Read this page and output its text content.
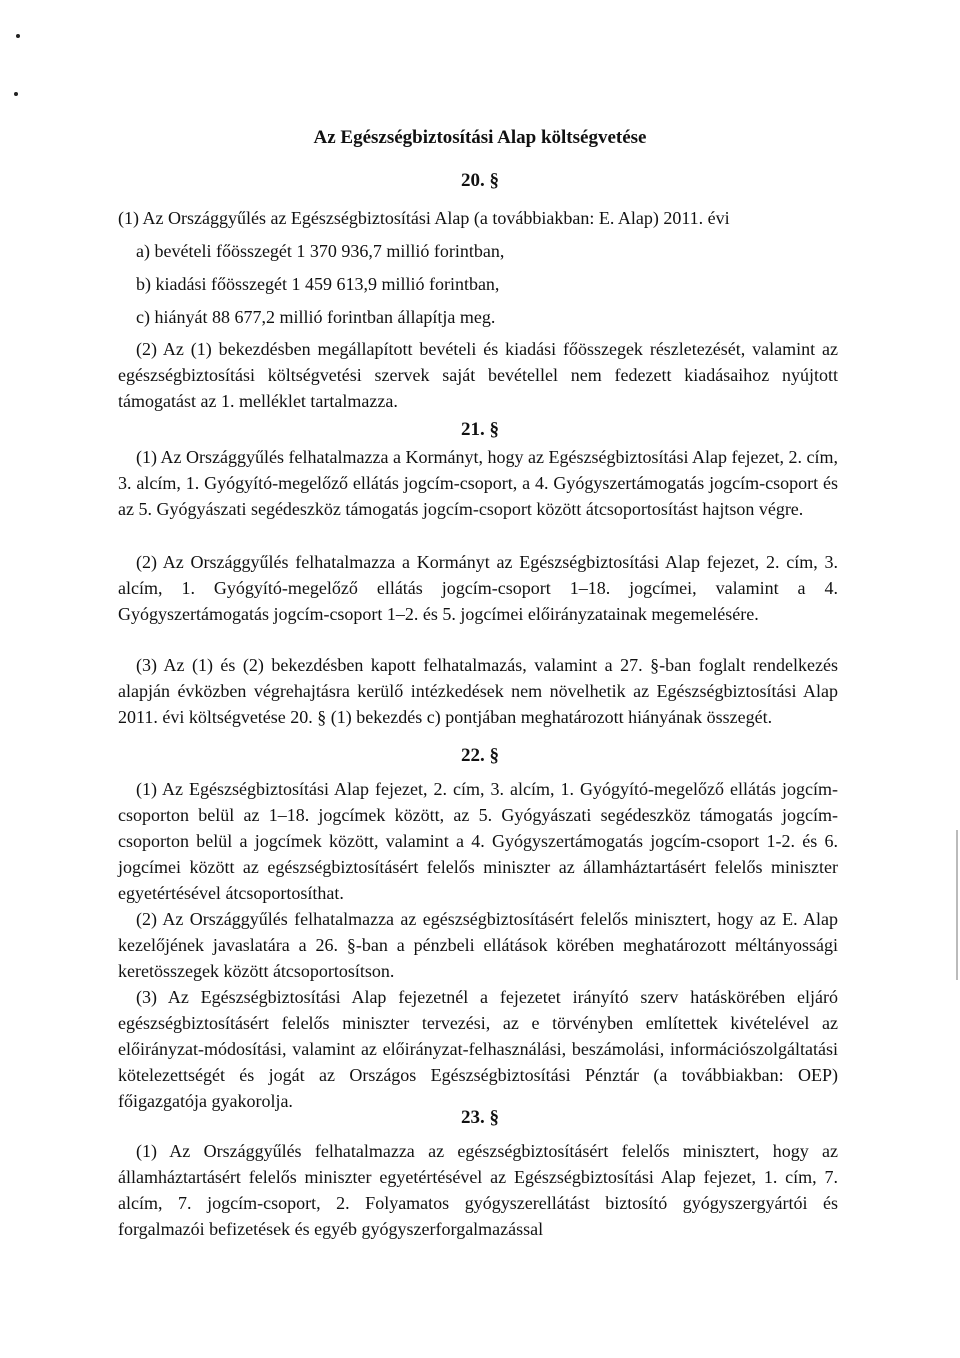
Az Egészségbiztosítási Alap költségvetése
20. §
(1) Az Országgyűlés az Egészségbiztosítási Alap (a továbbiakban: E. Alap) 2011. évi
a) bevételi főösszegét 1 370 936,7 millió forintban,
b) kiadási főösszegét 1 459 613,9 millió forintban,
c) hiányát 88 677,2 millió forintban állapítja meg.
(2) Az (1) bekezdésben megállapított bevételi és kiadási főösszegek részletezését, valamint az egészségbiztosítási költségvetési szervek saját bevétellel nem fedezett kiadásaihoz nyújtott támogatást az 1. melléklet tartalmazza.
21. §
(1) Az Országgyűlés felhatalmazza a Kormányt, hogy az Egészségbiztosítási Alap fejezet, 2. cím, 3. alcím, 1. Gyógyító-megelőző ellátás jogcím-csoport, a 4. Gyógyszertámogatás jogcím-csoport és az 5. Gyógyászati segédeszköz támogatás jogcím-csoport között átcsoportosítást hajtson végre.
(2) Az Országgyűlés felhatalmazza a Kormányt az Egészségbiztosítási Alap fejezet, 2. cím, 3. alcím, 1. Gyógyító-megelőző ellátás jogcím-csoport 1–18. jogcímei, valamint a 4. Gyógyszertámogatás jogcím-csoport 1–2. és 5. jogcímei előirányzatainak megemelésére.
(3) Az (1) és (2) bekezdésben kapott felhatalmazás, valamint a 27. §-ban foglalt rendelkezés alapján évközben végrehajtásra kerülő intézkedések nem növelhetik az Egészségbiztosítási Alap 2011. évi költségvetése 20. § (1) bekezdés c) pontjában meghatározott hiányának összegét.
22. §
(1) Az Egészségbiztosítási Alap fejezet, 2. cím, 3. alcím, 1. Gyógyító-megelőző ellátás jogcím-csoporton belül az 1–18. jogcímek között, az 5. Gyógyászati segédeszköz támogatás jogcím-csoporton belül a jogcímek között, valamint a 4. Gyógyszertámogatás jogcím-csoport 1-2. és 6. jogcímei között az egészségbiztosításért felelős miniszter az államháztartásért felelős miniszter egyetértésével átcsoportosíthat.
(2) Az Országgyűlés felhatalmazza az egészségbiztosításért felelős minisztert, hogy az E. Alap kezelőjének javaslatára a 26. §-ban a pénzbeli ellátások körében meghatározott méltányossági keretösszegek között átcsoportosítson.
(3) Az Egészségbiztosítási Alap fejezetnél a fejezetet irányító szerv hatáskörében eljáró egészségbiztosításért felelős miniszter tervezési, az e törvényben említettek kivételével az előirányzat-módosítási, valamint az előirányzat-felhasználási, beszámolási, információszolgáltatási kötelezettségét és jogát az Országos Egészségbiztosítási Pénztár (a továbbiakban: OEP) főigazgatója gyakorolja.
23. §
(1) Az Országgyűlés felhatalmazza az egészségbiztosításért felelős minisztert, hogy az államháztartásért felelős miniszter egyetértésével az Egészségbiztosítási Alap fejezet, 1. cím, 7. alcím, 7. jogcím-csoport, 2. Folyamatos gyógyszerellátást biztosító gyógyszergyártói és forgalmazói befizetések és egyéb gyógyszerforgalmazással
